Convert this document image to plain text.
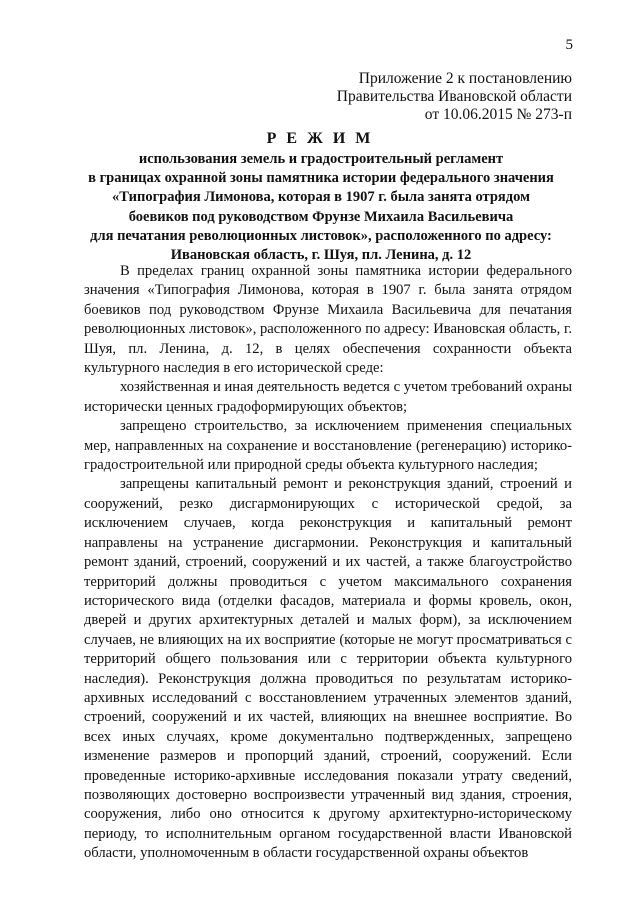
5
Приложение 2 к постановлению
Правительства Ивановской области
от 10.06.2015 № 273-п
Р Е Ж И М
использования земель и градостроительный регламент
в границах охранной зоны памятника истории федерального значения
«Типография Лимонова, которая в 1907 г. была занята отрядом
боевиков под руководством Фрунзе Михаила Васильевича
для печатания революционных листовок», расположенного по адресу:
Ивановская область, г. Шуя, пл. Ленина, д. 12

В пределах границ охранной зоны памятника истории федерального значения «Типография Лимонова, которая в 1907 г. была занята отрядом боевиков под руководством Фрунзе Михаила Васильевича для печатания революционных листовок», расположенного по адресу: Ивановская область, г. Шуя, пл. Ленина, д. 12, в целях обеспечения сохранности объекта культурного наследия в его исторической среде:

хозяйственная и иная деятельность ведется с учетом требований охраны исторически ценных градоформирующих объектов;

запрещено строительство, за исключением применения специальных мер, направленных на сохранение и восстановление (регенерацию) историко-градостроительной или природной среды объекта культурного наследия;

запрещены капитальный ремонт и реконструкция зданий, строений и сооружений, резко дисгармонирующих с исторической средой, за исключением случаев, когда реконструкция и капитальный ремонт направлены на устранение дисгармонии. Реконструкция и капитальный ремонт зданий, строений, сооружений и их частей, а также благоустройство территорий должны проводиться с учетом максимального сохранения исторического вида (отделки фасадов, материала и формы кровель, окон, дверей и других архитектурных деталей и малых форм), за исключением случаев, не влияющих на их восприятие (которые не могут просматриваться с территорий общего пользования или с территории объекта культурного наследия). Реконструкция должна проводиться по результатам историко-архивных исследований с восстановлением утраченных элементов зданий, строений, сооружений и их частей, влияющих на внешнее восприятие. Во всех иных случаях, кроме документально подтвержденных, запрещено изменение размеров и пропорций зданий, строений, сооружений. Если проведенные историко-архивные исследования показали утрату сведений, позволяющих достоверно воспроизвести утраченный вид здания, строения, сооружения, либо оно относится к другому архитектурно-историческому периоду, то исполнительным органом государственной власти Ивановской области, уполномоченным в области государственной охраны объектов
